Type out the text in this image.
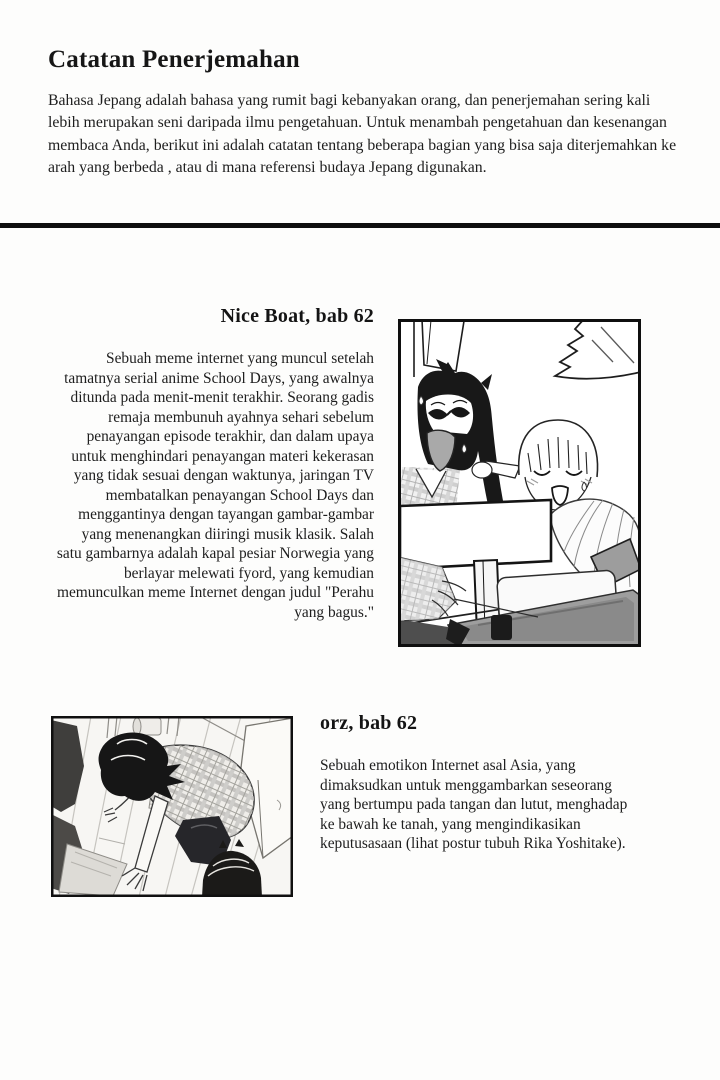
Catatan Penerjemahan

Bahasa Jepang adalah bahasa yang rumit bagi kebanyakan orang, dan penerjemahan sering kali lebih merupakan seni daripada ilmu pengetahuan. Untuk menambah pengetahuan dan kesenangan membaca Anda, berikut ini adalah catatan tentang beberapa bagian yang bisa saja diterjemahkan ke arah yang berbeda , atau di mana referensi budaya Jepang digunakan.

Nice Boat, bab 62

Sebuah meme internet yang muncul setelah tamatnya serial anime School Days, yang awalnya ditunda pada menit-menit terakhir. Seorang gadis remaja membunuh ayahnya sehari sebelum penayangan episode terakhir, dan dalam upaya untuk menghindari penayangan materi kekerasan yang tidak sesuai dengan waktunya, jaringan TV membatalkan penayangan School Days dan menggantinya dengan tayangan gambar-gambar yang menenangkan diiringi musik klasik. Salah satu gambarnya adalah kapal pesiar Norwegia yang berlayar melewati fyord, yang kemudian memunculkan meme Internet dengan judul "Perahu yang bagus."

orz, bab 62

Sebuah emotikon Internet asal Asia, yang dimaksudkan untuk menggambarkan seseorang yang bertumpu pada tangan dan lutut, menghadap ke bawah ke tanah, yang mengindikasikan keputusasaan (lihat postur tubuh Rika Yoshitake).
